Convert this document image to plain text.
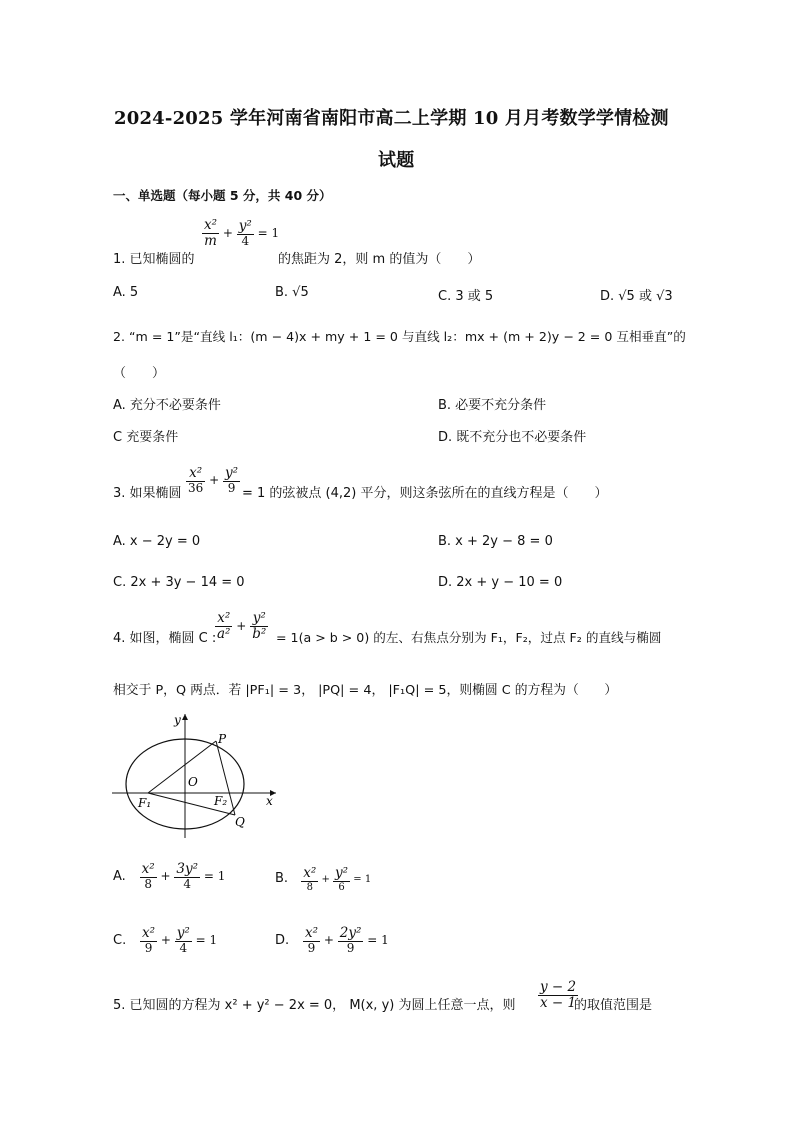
2024-2025 学年河南省南阳市高二上学期 10 月月考数学学情检测
试题
一、单选题（每小题 5 分，共 40 分）
1. 已知椭圆的
$\frac{\text{x²}}{m} + \frac{\text{y²}}{4} = 1$
的焦距为 2，则 m 的值为（　　）
A. 5	B. √5	C. 3 或 5	D. √5 或 √3
2. “m = 1”是“直线 l₁：(m − 4)x + my + 1 = 0 与直线 l₂：mx + (m + 2)y − 2 = 0 互相垂直”的
（　　）
A. 充分不必要条件	B. 必要不充分条件
C 充要条件	D. 既不充分也不必要条件
3. 如果椭圆 $\frac{\text{x²}}{36} + \frac{\text{y²}}{9} = 1$ 的弦被点 (4,2) 平分，则这条弦所在的直线方程是（　　）
A. x − 2y = 0	B. x + 2y − 8 = 0
C. 2x + 3y − 14 = 0	D. 2x + y − 10 = 0
4. 如图，椭圆 C :
$\frac{\text{x²}}{\text{a²}} + \frac{\text{y²}}{\text{b²}} = 1(a > b > 0)$ 的左、右焦点分别为 F₁，F₂，过点 F₂ 的直线与椭圆
相交于 P，Q 两点．若 |PF₁| = 3， |PQ| = 4， |F₁Q| = 5，则椭圆 C 的方程为（　　）
y
x
P
O
F₁	F₂
Q
A. $\frac{\text{x²}}{8} + \frac{\text{3y²}}{4} = 1$	B. $\frac{\text{x²}}{8} + \frac{\text{y²}}{6} = 1$
C. $\frac{\text{x²}}{9} + \frac{\text{y²}}{4} = 1$	D. $\frac{\text{x²}}{9} + \frac{\text{2y²}}{9} = 1$
5. 已知圆的方程为 x² + y² − 2x = 0， M(x, y) 为圆上任意一点，则 $\frac{y - 2}{x - 1}$
的取值范围是
